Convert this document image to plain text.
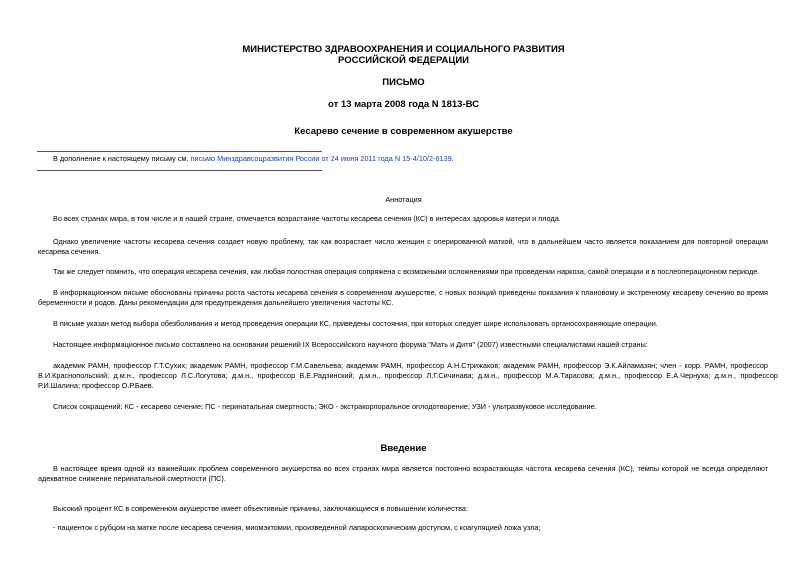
МИНИСТЕРСТВО ЗДРАВООХРАНЕНИЯ И СОЦИАЛЬНОГО РАЗВИТИЯ
РОССИЙСКОЙ ФЕДЕРАЦИИ
ПИСЬМО
от 13 марта 2008 года N 1813-ВС
Кесарево сечение в современном акушерстве
В дополнение к настоящему письму см. письмо Минздравсоцразвития России от 24 июня 2011 года N 15-4/10/2-6139.
Аннотация
Во всех странах мира, в том числе и в нашей стране, отмечается возрастание частоты кесарева сечения (КС) в интересах здоровья матери и плода.
Однако увеличение частоты кесарева сечения создает новую проблему, так как возрастает число женщин с оперированной маткой, что в дальнейшем часто является показанием для повторной операции
кесарева сечения.
Так же следует помнить, что операция кесарева сечения, как любая полостная операция сопряжена с возможными осложнениями при проведении наркоза, самой операции и в послеоперационном периоде.
В информационном письме обоснованы причины роста частоты кесарева сечения в современном акушерстве, с новых позиций приведены показания к плановому и экстренному кесареву сечению во время
беременности и родов. Даны рекомендации для предупреждения дальнейшего увеличения частоты КС.
В письме указан метод выбора обезболивания и метод проведения операции КС, приведены состояния, при которых следует шире использовать органосохраняющие операции.
Настоящее информационное письмо составлено на основании решений IX Всероссийского научного форума "Мать и Дитя" (2007) известными специалистами нашей страны:
академик РАМН, профессор Г.Т.Сухих; академик РАМН, профессор Г.М.Савельева; академик РАМН, профессор А.Н.Стрижаков; академик РАМН, профессор Э.К.Айламазян; член - корр. РАМН, профессор
В.И.Краснопольский; д.м.н., профессор Л.С.Логутова; д.м.н., профессор В.Е.Радзинский; д.м.н., профессор Л.Г.Сичинава; д.м.н., профессор М.А.Тарасова; д.м.н., профессор Е.А.Чернуха; д.м.н., профессор
Р.И.Шалина; профессор О.Р.Баев.
Список сокращений: КС - кесарево сечение; ПС - перинатальная смертность; ЭКО - экстракорпоральное оплодотворение; УЗИ - ультразвуковое исследование.
Введение
В настоящее время одной из важнейших проблем современного акушерства во всех странах мира является постоянно возрастающая частота кесарева сечения (КС), темпы которой не всегда определяют
адекватное снижение перинатальной смертности (ПС).
Высокий процент КС в современном акушерстве имеет объективные причины, заключающиеся в повышении количества:
- пациенток с рубцом на матке после кесарева сечения, миомэктомии, произведенной лапароскопическим доступом, с коагуляцией ложа узла;
